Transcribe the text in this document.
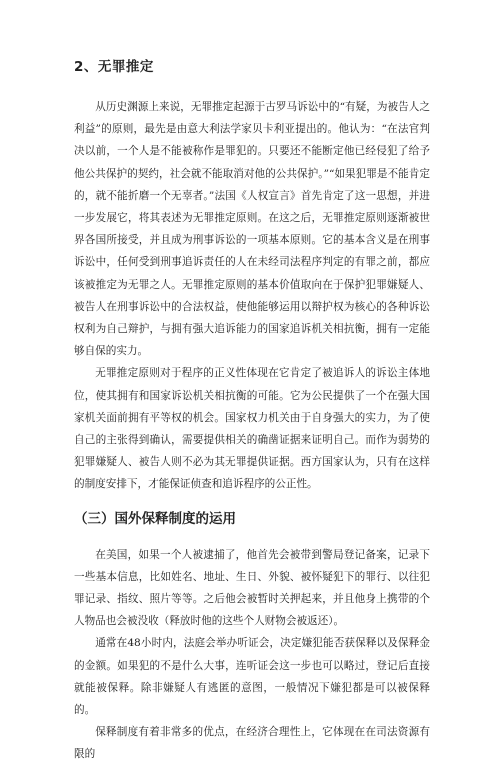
2、无罪推定

从历史渊源上来说，无罪推定起源于古罗马诉讼中的“有疑，为被告人之利益”的原则，最先是由意大利法学家贝卡利亚提出的。他认为：“在法官判决以前，一个人是不能被称作是罪犯的。只要还不能断定他已经侵犯了给予他公共保护的契约，社会就不能取消对他的公共保护。”“如果犯罪是不能肯定的，就不能折磨一个无辜者。”法国《人权宣言》首先肯定了这一思想，并进一步发展它，将其表述为无罪推定原则。在这之后，无罪推定原则逐渐被世界各国所接受，并且成为刑事诉讼的一项基本原则。它的基本含义是在刑事诉讼中，任何受到刑事追诉责任的人在未经司法程序判定的有罪之前，都应该被推定为无罪之人。无罪推定原则的基本价值取向在于保护犯罪嫌疑人、被告人在刑事诉讼中的合法权益，使他能够运用以辩护权为核心的各种诉讼权利为自己辩护，与拥有强大追诉能力的国家追诉机关相抗衡，拥有一定能够自保的实力。

无罪推定原则对于程序的正义性体现在它肯定了被追诉人的诉讼主体地位，使其拥有和国家诉讼机关相抗衡的可能。它为公民提供了一个在强大国家机关面前拥有平等权的机会。国家权力机关由于自身强大的实力，为了使自己的主张得到确认，需要提供相关的确凿证据来证明自己。而作为弱势的犯罪嫌疑人、被告人则不必为其无罪提供证据。西方国家认为，只有在这样的制度安排下，才能保证侦查和追诉程序的公正性。

（三）国外保释制度的运用

在美国，如果一个人被逮捕了，他首先会被带到警局登记备案，记录下一些基本信息，比如姓名、地址、生日、外貌、被怀疑犯下的罪行、以往犯罪记录、指纹、照片等等。之后他会被暂时关押起来，并且他身上携带的个人物品也会被没收（释放时他的这些个人财物会被返还）。

通常在48小时内，法庭会举办听证会，决定嫌犯能否获保释以及保释金的金额。如果犯的不是什么大事，连听证会这一步也可以略过，登记后直接就能被保释。除非嫌疑人有逃匿的意图，一般情况下嫌犯都是可以被保释的。

保释制度有着非常多的优点，在经济合理性上，它体现在在司法资源有限的
